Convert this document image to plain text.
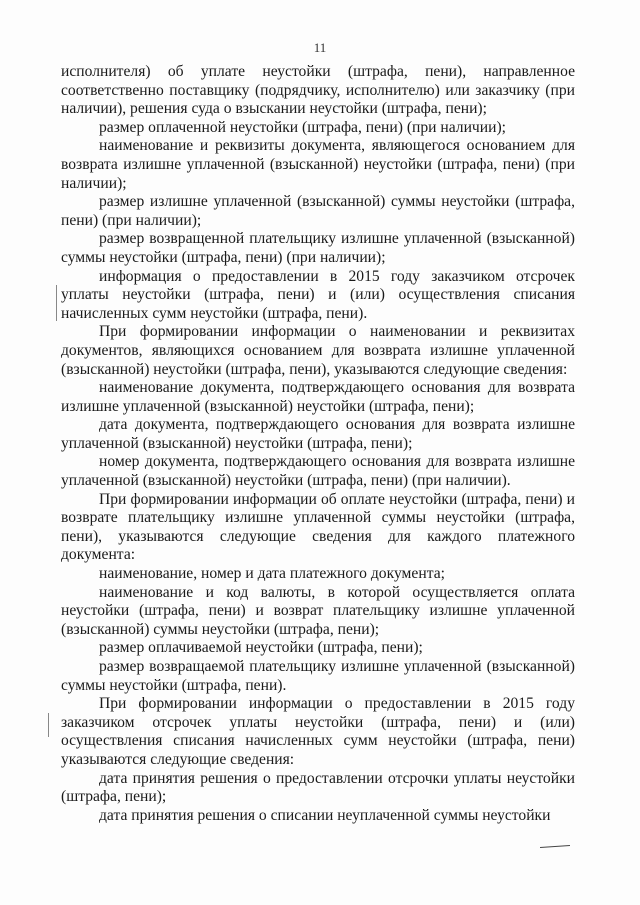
11

исполнителя) об уплате неустойки (штрафа, пени), направленное соответственно поставщику (подрядчику, исполнителю) или заказчику (при наличии), решения суда о взыскании неустойки (штрафа, пени);

размер оплаченной неустойки (штрафа, пени) (при наличии);

наименование и реквизиты документа, являющегося основанием для возврата излишне уплаченной (взысканной) неустойки (штрафа, пени) (при наличии);

размер излишне уплаченной (взысканной) суммы неустойки (штрафа, пени) (при наличии);

размер возвращенной плательщику излишне уплаченной (взысканной) суммы неустойки (штрафа, пени) (при наличии);

информация о предоставлении в 2015 году заказчиком отсрочек уплаты неустойки (штрафа, пени) и (или) осуществления списания начисленных сумм неустойки (штрафа, пени).

При формировании информации о наименовании и реквизитах документов, являющихся основанием для возврата излишне уплаченной (взысканной) неустойки (штрафа, пени), указываются следующие сведения:

наименование документа, подтверждающего основания для возврата излишне уплаченной (взысканной) неустойки (штрафа, пени);

дата документа, подтверждающего основания для возврата излишне уплаченной (взысканной) неустойки (штрафа, пени);

номер документа, подтверждающего основания для возврата излишне уплаченной (взысканной) неустойки (штрафа, пени) (при наличии).

При формировании информации об оплате неустойки (штрафа, пени) и возврате плательщику излишне уплаченной суммы неустойки (штрафа, пени), указываются следующие сведения для каждого платежного документа:

наименование, номер и дата платежного документа;

наименование и код валюты, в которой осуществляется оплата неустойки (штрафа, пени) и возврат плательщику излишне уплаченной (взысканной) суммы неустойки (штрафа, пени);

размер оплачиваемой неустойки (штрафа, пени);

размер возвращаемой плательщику излишне уплаченной (взысканной) суммы неустойки (штрафа, пени).

При формировании информации о предоставлении в 2015 году заказчиком отсрочек уплаты неустойки (штрафа, пени) и (или) осуществления списания начисленных сумм неустойки (штрафа, пени) указываются следующие сведения:

дата принятия решения о предоставлении отсрочки уплаты неустойки (штрафа, пени);

дата принятия решения о списании неуплаченной суммы неустойки
